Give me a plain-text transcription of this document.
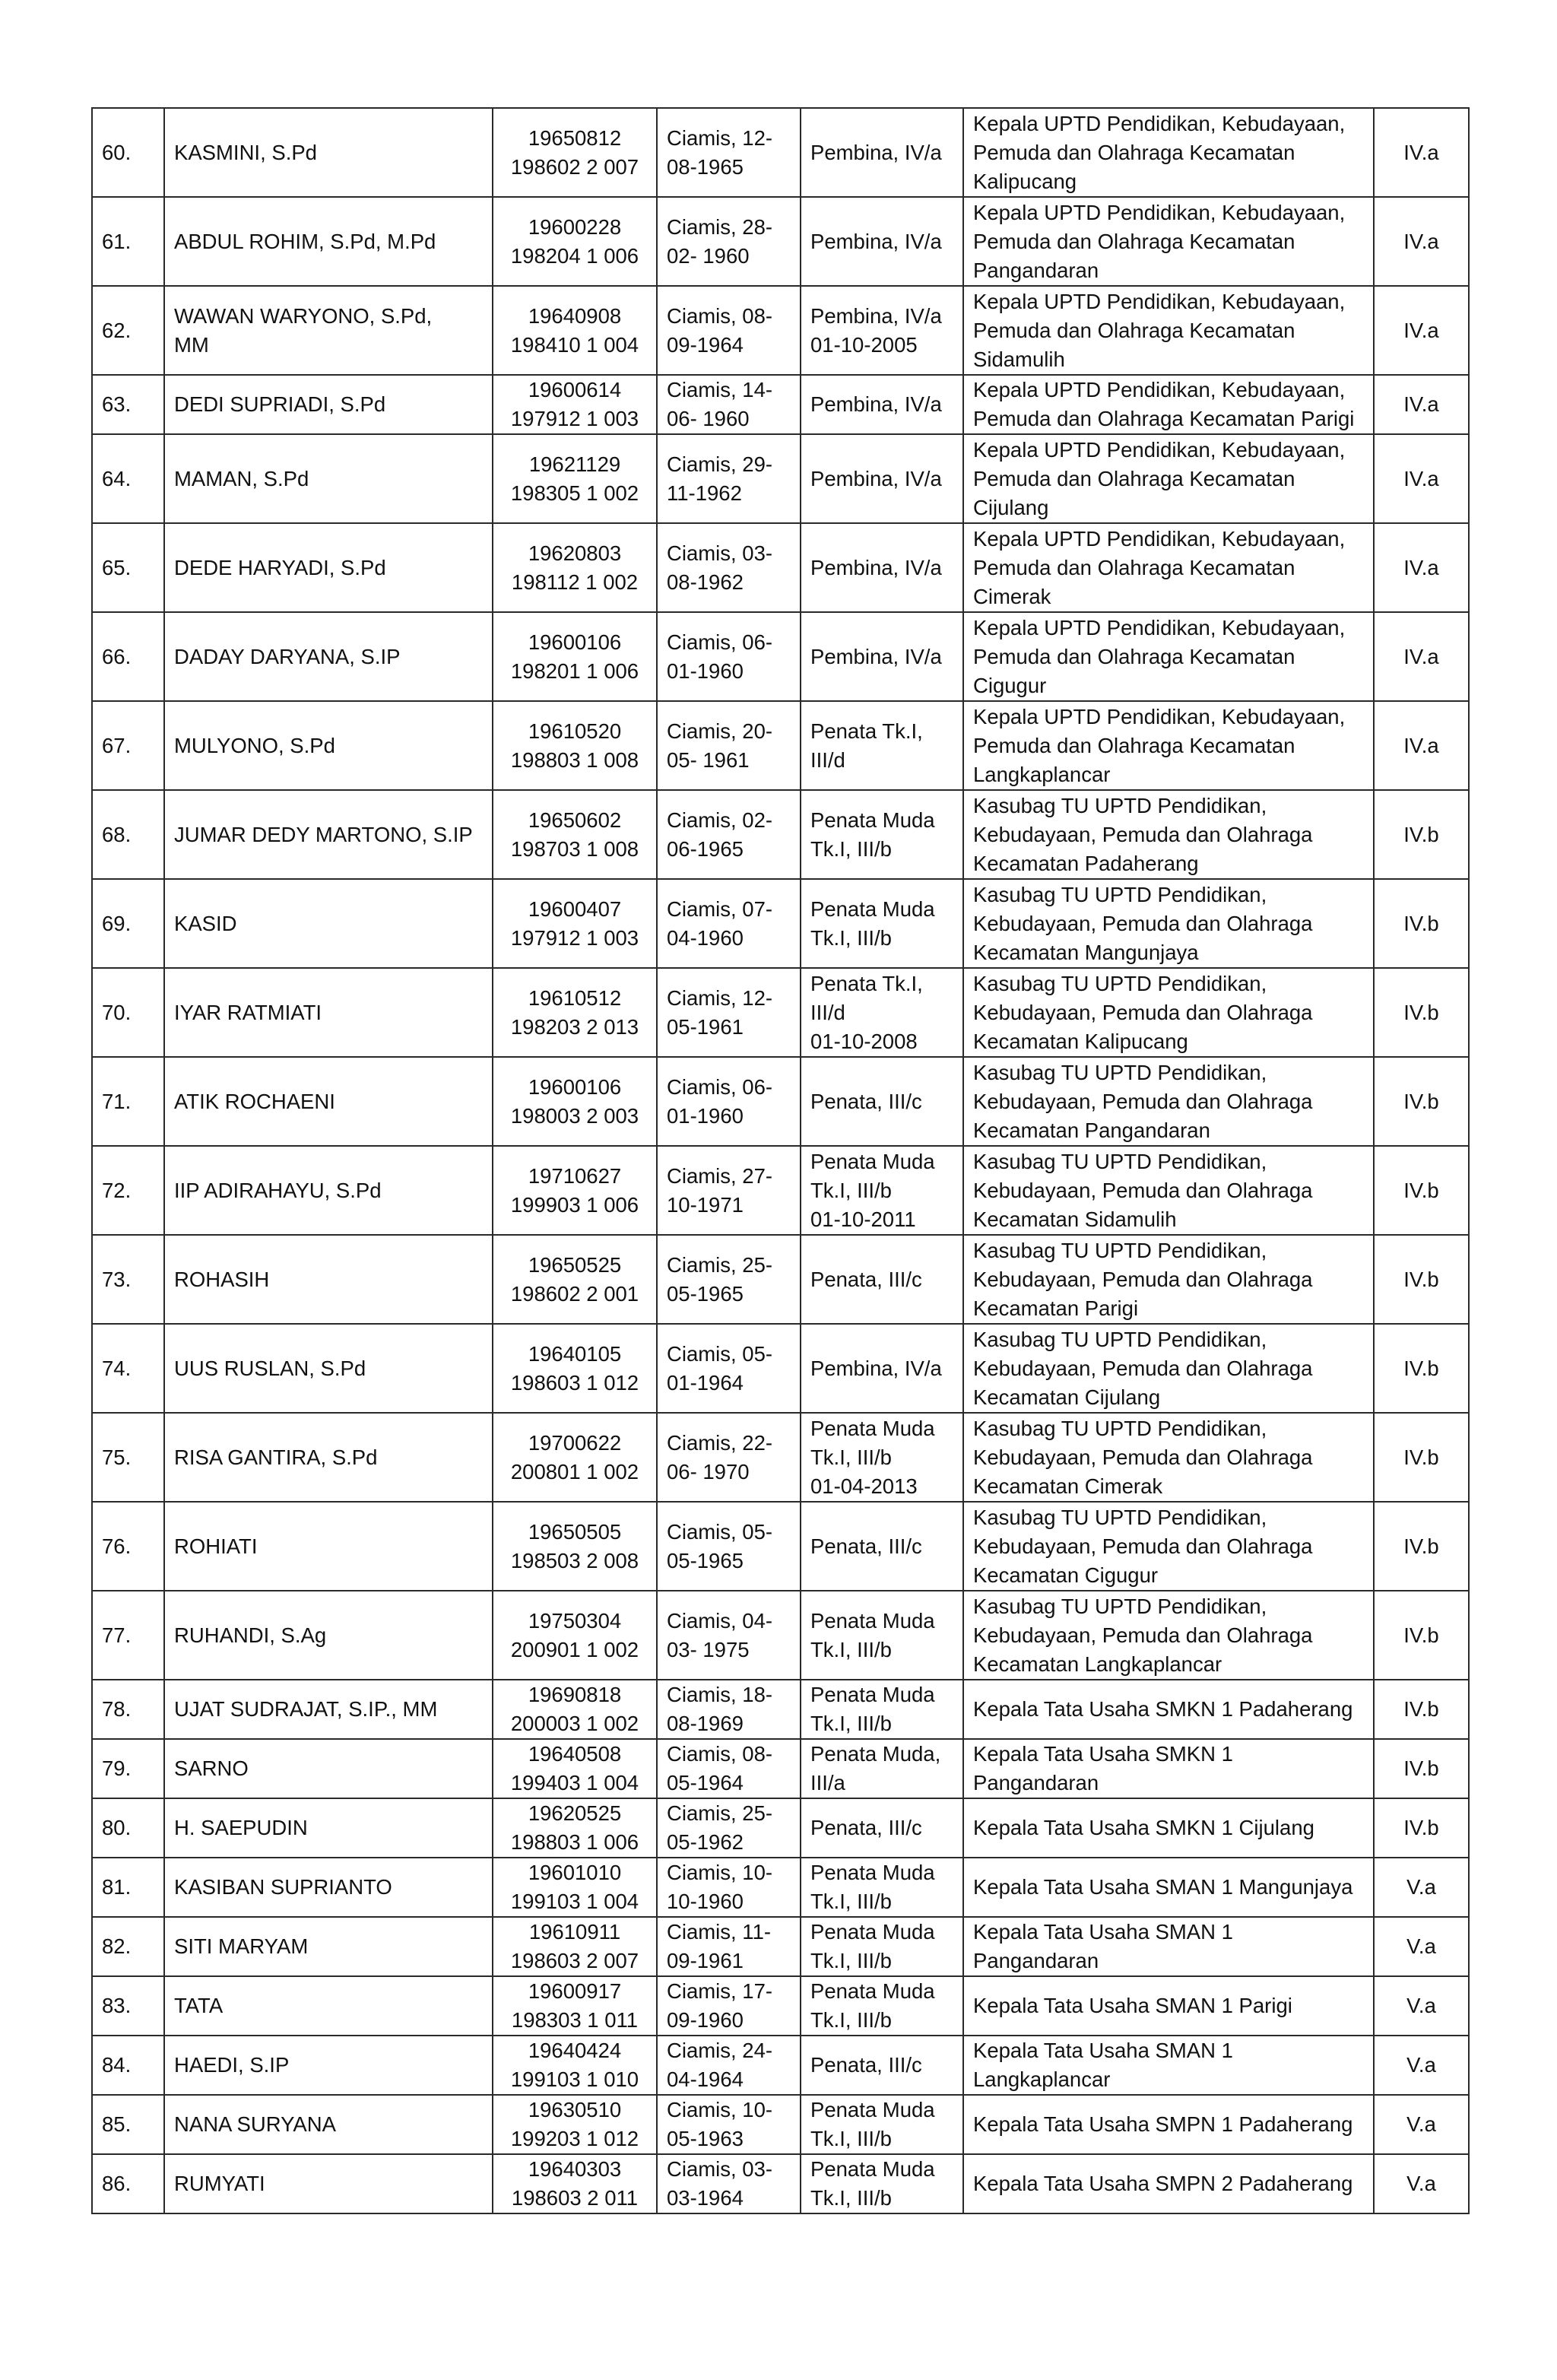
60.	KASMINI, S.Pd	19650812
198602 2 007	Ciamis, 12-
08-1965	Pembina, IV/a	Kepala UPTD Pendidikan, Kebudayaan,
Pemuda dan Olahraga Kecamatan
Kalipucang	IV.a
61.	ABDUL ROHIM, S.Pd, M.Pd	19600228
198204 1 006	Ciamis, 28-
02- 1960	Pembina, IV/a	Kepala UPTD Pendidikan, Kebudayaan,
Pemuda dan Olahraga Kecamatan
Pangandaran	IV.a
62.	WAWAN WARYONO, S.Pd,
MM	19640908
198410 1 004	Ciamis, 08-
09-1964	Pembina, IV/a
01-10-2005	Kepala UPTD Pendidikan, Kebudayaan,
Pemuda dan Olahraga Kecamatan
Sidamulih	IV.a
63.	DEDI SUPRIADI, S.Pd	19600614
197912 1 003	Ciamis, 14-
06- 1960	Pembina, IV/a	Kepala UPTD Pendidikan, Kebudayaan,
Pemuda dan Olahraga Kecamatan Parigi	IV.a
64.	MAMAN, S.Pd	19621129
198305 1 002	Ciamis, 29-
11-1962	Pembina, IV/a	Kepala UPTD Pendidikan, Kebudayaan,
Pemuda dan Olahraga Kecamatan
Cijulang	IV.a
65.	DEDE HARYADI, S.Pd	19620803
198112 1 002	Ciamis, 03-
08-1962	Pembina, IV/a	Kepala UPTD Pendidikan, Kebudayaan,
Pemuda dan Olahraga Kecamatan
Cimerak	IV.a
66.	DADAY DARYANA, S.IP	19600106
198201 1 006	Ciamis, 06-
01-1960	Pembina, IV/a	Kepala UPTD Pendidikan, Kebudayaan,
Pemuda dan Olahraga Kecamatan
Cigugur	IV.a
67.	MULYONO, S.Pd	19610520
198803 1 008	Ciamis, 20-
05- 1961	Penata Tk.I,
III/d	Kepala UPTD Pendidikan, Kebudayaan,
Pemuda dan Olahraga Kecamatan
Langkaplancar	IV.a
68.	JUMAR DEDY MARTONO, S.IP	19650602
198703 1 008	Ciamis, 02-
06-1965	Penata Muda
Tk.I, III/b	Kasubag TU UPTD Pendidikan,
Kebudayaan, Pemuda dan Olahraga
Kecamatan Padaherang	IV.b
69.	KASID	19600407
197912 1 003	Ciamis, 07-
04-1960	Penata Muda
Tk.I, III/b	Kasubag TU UPTD Pendidikan,
Kebudayaan, Pemuda dan Olahraga
Kecamatan Mangunjaya	IV.b
70.	IYAR RATMIATI	19610512
198203 2 013	Ciamis, 12-
05-1961	Penata Tk.I,
III/d
01-10-2008	Kasubag TU UPTD Pendidikan,
Kebudayaan, Pemuda dan Olahraga
Kecamatan Kalipucang	IV.b
71.	ATIK ROCHAENI	19600106
198003 2 003	Ciamis, 06-
01-1960	Penata, III/c	Kasubag TU UPTD Pendidikan,
Kebudayaan, Pemuda dan Olahraga
Kecamatan Pangandaran	IV.b
72.	IIP ADIRAHAYU, S.Pd	19710627
199903 1 006	Ciamis, 27-
10-1971	Penata Muda
Tk.I, III/b
01-10-2011	Kasubag TU UPTD Pendidikan,
Kebudayaan, Pemuda dan Olahraga
Kecamatan Sidamulih	IV.b
73.	ROHASIH	19650525
198602 2 001	Ciamis, 25-
05-1965	Penata, III/c	Kasubag TU UPTD Pendidikan,
Kebudayaan, Pemuda dan Olahraga
Kecamatan Parigi	IV.b
74.	UUS RUSLAN, S.Pd	19640105
198603 1 012	Ciamis, 05-
01-1964	Pembina, IV/a	Kasubag TU UPTD Pendidikan,
Kebudayaan, Pemuda dan Olahraga
Kecamatan Cijulang	IV.b
75.	RISA GANTIRA, S.Pd	19700622
200801 1 002	Ciamis, 22-
06- 1970	Penata Muda
Tk.I, III/b
01-04-2013	Kasubag TU UPTD Pendidikan,
Kebudayaan, Pemuda dan Olahraga
Kecamatan Cimerak	IV.b
76.	ROHIATI	19650505
198503 2 008	Ciamis, 05-
05-1965	Penata, III/c	Kasubag TU UPTD Pendidikan,
Kebudayaan, Pemuda dan Olahraga
Kecamatan Cigugur	IV.b
77.	RUHANDI, S.Ag	19750304
200901 1 002	Ciamis, 04-
03- 1975	Penata Muda
Tk.I, III/b	Kasubag TU UPTD Pendidikan,
Kebudayaan, Pemuda dan Olahraga
Kecamatan Langkaplancar	IV.b
78.	UJAT SUDRAJAT, S.IP., MM	19690818
200003 1 002	Ciamis, 18-
08-1969	Penata Muda
Tk.I, III/b	Kepala Tata Usaha SMKN 1 Padaherang	IV.b
79.	SARNO	19640508
199403 1 004	Ciamis, 08-
05-1964	Penata Muda,
III/a	Kepala Tata Usaha SMKN 1
Pangandaran	IV.b
80.	H. SAEPUDIN	19620525
198803 1 006	Ciamis, 25-
05-1962	Penata, III/c	Kepala Tata Usaha SMKN 1 Cijulang	IV.b
81.	KASIBAN SUPRIANTO	19601010
199103 1 004	Ciamis, 10-
10-1960	Penata Muda
Tk.I, III/b	Kepala Tata Usaha SMAN 1 Mangunjaya	V.a
82.	SITI MARYAM	19610911
198603 2 007	Ciamis, 11-
09-1961	Penata Muda
Tk.I, III/b	Kepala Tata Usaha SMAN 1
Pangandaran	V.a
83.	TATA	19600917
198303 1 011	Ciamis, 17-
09-1960	Penata Muda
Tk.I, III/b	Kepala Tata Usaha SMAN 1 Parigi	V.a
84.	HAEDI, S.IP	19640424
199103 1 010	Ciamis, 24-
04-1964	Penata, III/c	Kepala Tata Usaha SMAN 1
Langkaplancar	V.a
85.	NANA SURYANA	19630510
199203 1 012	Ciamis, 10-
05-1963	Penata Muda
Tk.I, III/b	Kepala Tata Usaha SMPN 1 Padaherang	V.a
86.	RUMYATI	19640303
198603 2 011	Ciamis, 03-
03-1964	Penata Muda
Tk.I, III/b	Kepala Tata Usaha SMPN 2 Padaherang	V.a
